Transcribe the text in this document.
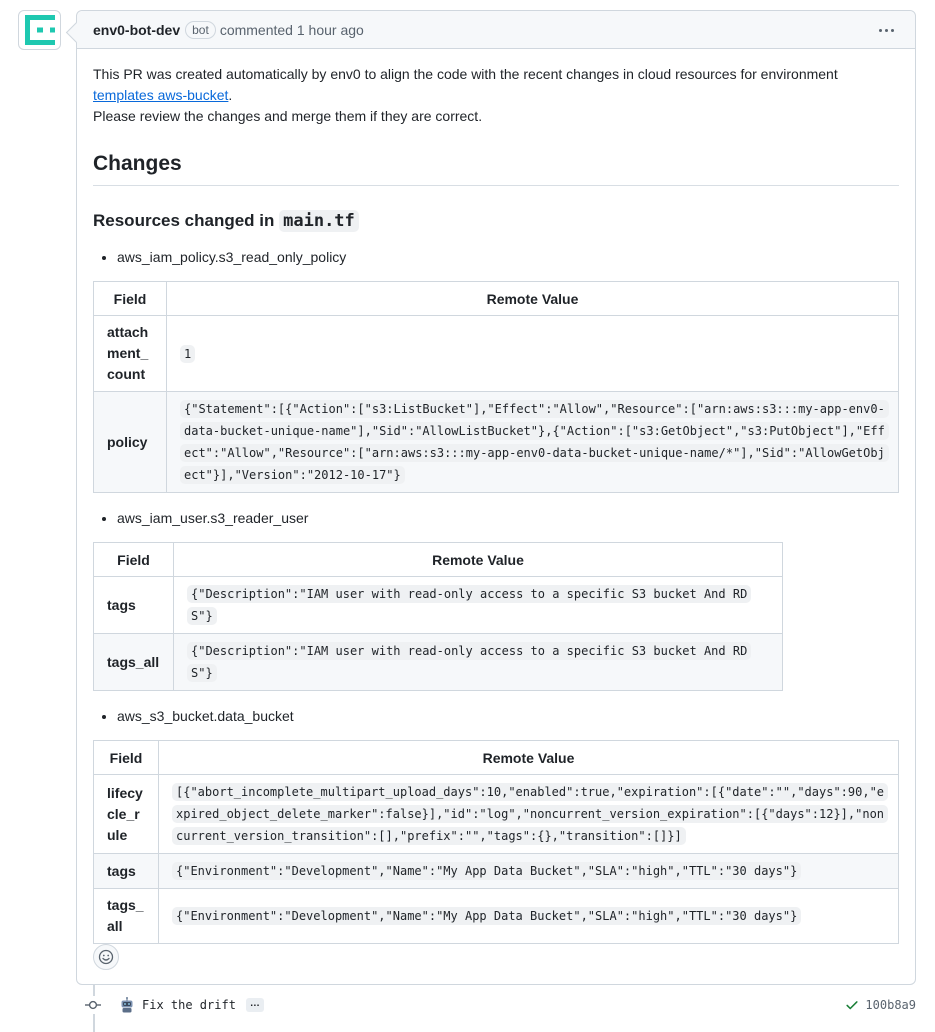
env0-bot-dev	bot commented
1 hour ago

This PR was created automatically by env0 to align the code with the recent changes in cloud resources for environment
templates aws-bucket.
Please review the changes and merge them if they are correct.

Changes
Resources changed in main.tf
• aws_iam_policy.s3_read_only_policy
Field	Remote Value
attach ment_ count	1
policy	{"Statement":[{"Action":["s3:ListBucket"],"Effect":"Allow","Resource":["arn:aws:s3:::my-app-env0-data-bucket-unique-name"],"Sid":"AllowListBucket"},{"Action":["s3:GetObject","s3:PutObject"],"Effect":"Allow","Resource":["arn:aws:s3:::my-app-env0-data-bucket-unique-name/*"],"Sid":"AllowGetObject"}],"Version":"2012-10-17"}
• aws_iam_user.s3_reader_user
Field	Remote Value
tags	{"Description":"IAM user with read-only access to a specific S3 bucket And RDS"}
tags_all	{"Description":"IAM user with read-only access to a specific S3 bucket And RDS"}
• aws_s3_bucket.data_bucket
Field	Remote Value
lifecy cle_r ule	[{"abort_incomplete_multipart_upload_days":10,"enabled":true,"expiration":[{"date":"","days":90,"expired_object_delete_marker":false}],"id":"log","noncurrent_version_expiration":[{"days":12}],"noncurrent_version_transition":[],"prefix":"","tags":{},"transition":[]}]
tags	{"Environment":"Development","Name":"My App Data Bucket","SLA":"high","TTL":"30 days"}
tags_ all	{"Environment":"Development","Name":"My App Data Bucket","SLA":"high","TTL":"30 days"}
Fix the drift	…	100b8a9
